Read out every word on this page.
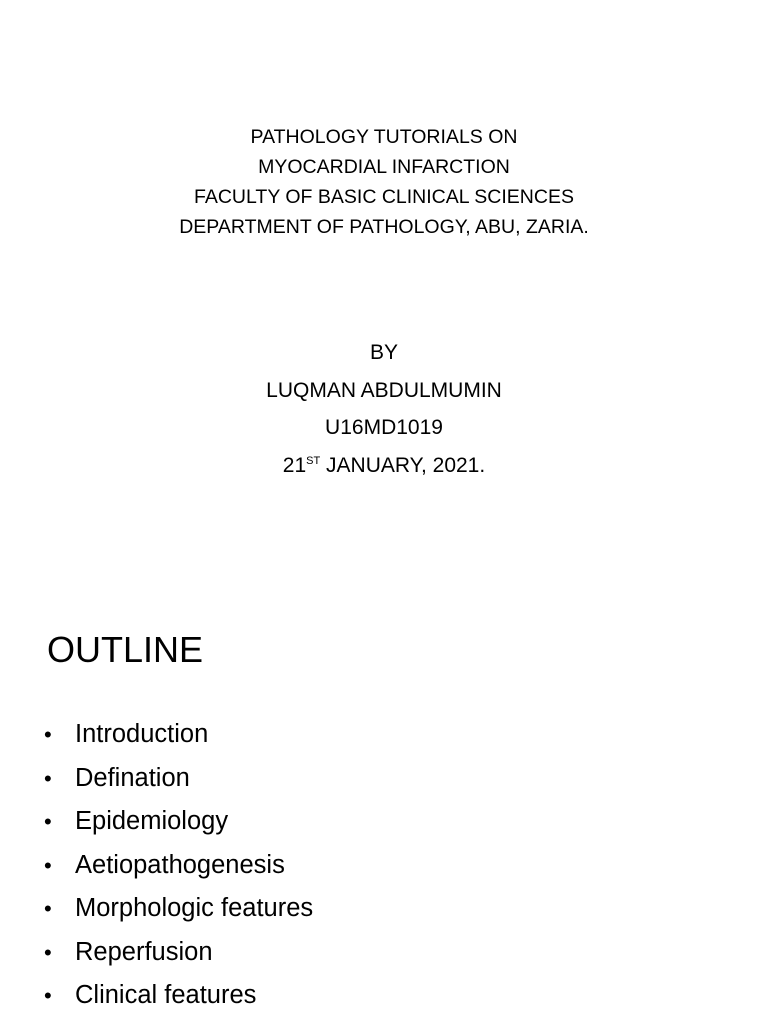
PATHOLOGY TUTORIALS ON
MYOCARDIAL INFARCTION
FACULTY OF BASIC CLINICAL SCIENCES
DEPARTMENT OF PATHOLOGY, ABU, ZARIA.
BY
LUQMAN ABDULMUMIN
U16MD1019
21ST JANUARY, 2021.
OUTLINE
• Introduction
• Defination
• Epidemiology
• Aetiopathogenesis
• Morphologic features
• Reperfusion
• Clinical features
